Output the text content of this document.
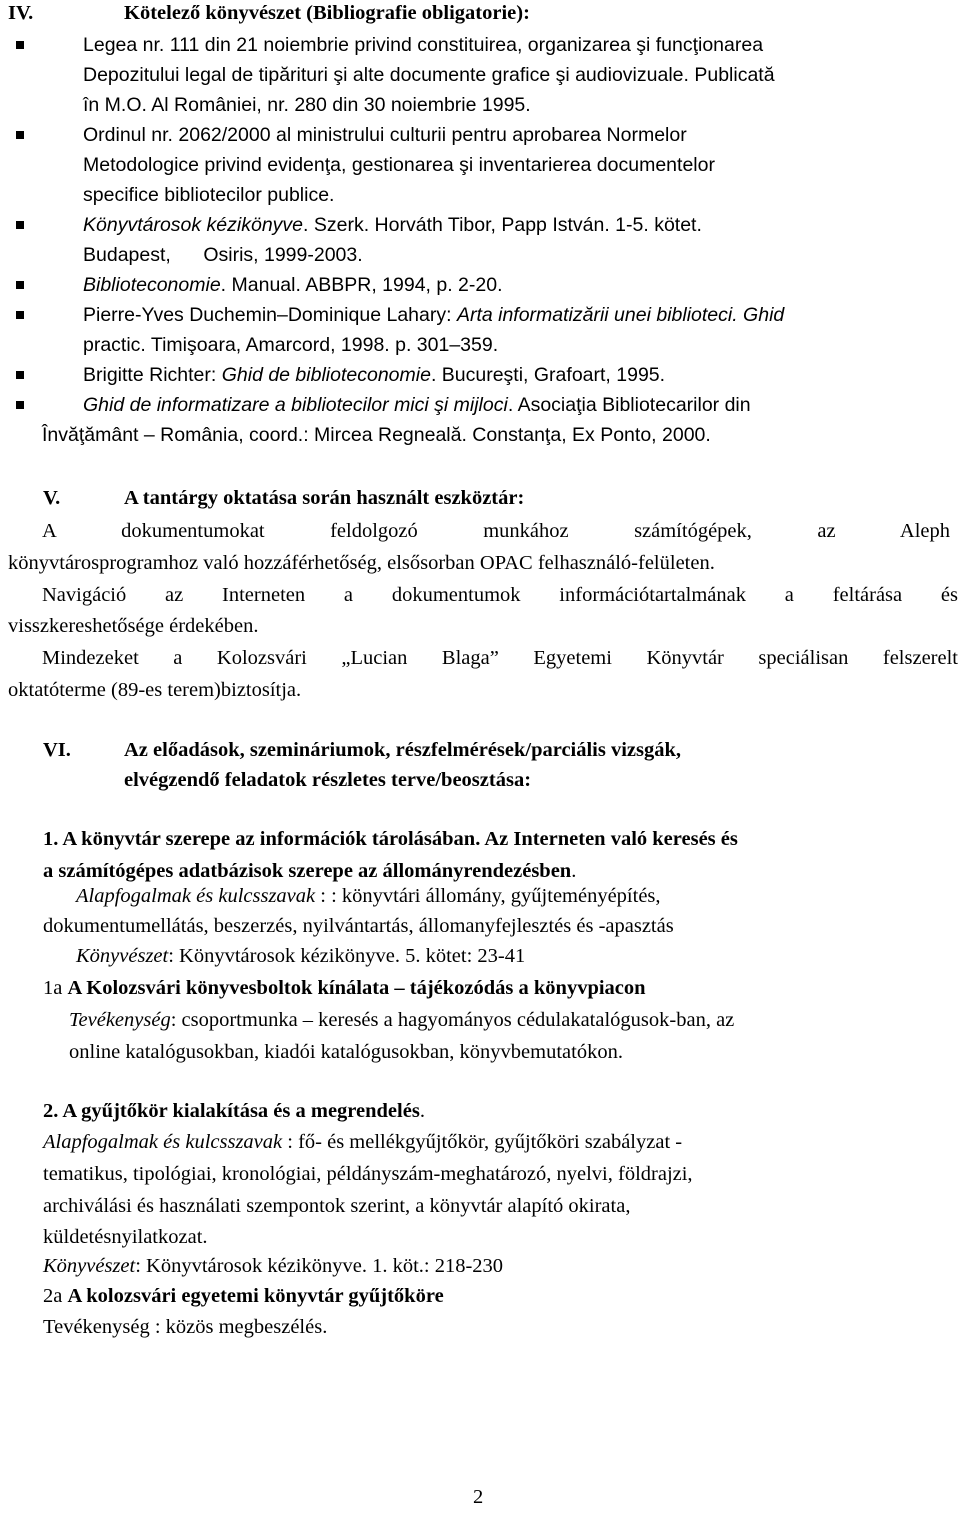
IV.	Kötelező könyvészet (Bibliografie obligatorie):
Legea nr. 111 din 21 noiembrie privind constituirea, organizarea şi funcţionarea
Depozitului legal de tipărituri şi alte documente grafice şi audiovizuale. Publicată
în M.O. Al României, nr. 280 din 30 noiembrie 1995.
Ordinul nr. 2062/2000 al ministrului culturii pentru aprobarea Normelor
Metodologice privind evidenţa, gestionarea şi inventarierea documentelor
specifice bibliotecilor publice.
Könyvtárosok kézikönyve. Szerk. Horváth Tibor, Papp István. 1-5. kötet.
Budapest,      Osiris, 1999-2003.
Biblioteconomie. Manual. ABBPR, 1994, p. 2-20.
Pierre-Yves Duchemin–Dominique Lahary: Arta informatizării unei biblioteci. Ghid
practic. Timişoara, Amarcord, 1998. p. 301–359.
Brigitte Richter: Ghid de biblioteconomie. Bucureşti, Grafoart, 1995.
Ghid de informatizare a bibliotecilor mici şi mijloci. Asociaţia Bibliotecarilor din
Învăţământ – România, coord.: Mircea Regneală. Constanţa, Ex Ponto, 2000.
V.	A tantárgy oktatása során használt eszköztár:
A dokumentumokat feldolgozó munkához számítógépek, az Aleph
könyvtárosprogramhoz való hozzáférhetőség, elsősorban OPAC felhasználó-felületen.
Navigáció az Interneten a dokumentumok információtartalmának a feltárása és
visszkereshetősége érdekében.
Mindezeket a Kolozsvári „Lucian Blaga” Egyetemi Könyvtár speciálisan felszerelt
oktatóterme (89-es terem)biztosítja.
VI.	Az előadások, szemináriumok, részfelmérések/parciális vizsgák,
elvégzendő feladatok részletes terve/beosztása:
1. A könyvtár szerepe az információk tárolásában. Az Interneten való keresés és
a számítógépes adatbázisok szerepe az állományrendezésben.
Alapfogalmak és kulcsszavak : : könyvtári állomány, gyűjteményépítés,
dokumentumellátás, beszerzés, nyilvántartás, állomanyfejlesztés és -apasztás
Könyvészet: Könyvtárosok kézikönyve. 5. kötet: 23-41
1a A Kolozsvári könyvesboltok kínálata – tájékozódás a könyvpiacon
Tevékenység: csoportmunka – keresés a hagyományos cédulakatalógusok-ban, az
online katalógusokban, kiadói katalógusokban, könyvbemutatókon.
2. A gyűjtőkör kialakítása és a megrendelés.
Alapfogalmak és kulcsszavak : fő- és mellékgyűjtőkör, gyűjtőköri szabályzat -
tematikus, tipológiai, kronológiai, példányszám-meghatározó, nyelvi, földrajzi,
archiválási és használati szempontok szerint, a könyvtár alapító okirata,
küldetésnyilatkozat.
Könyvészet: Könyvtárosok kézikönyve. 1. köt.: 218-230
2a A kolozsvári egyetemi könyvtár gyűjtőköre
Tevékenység : közös megbeszélés.
2
